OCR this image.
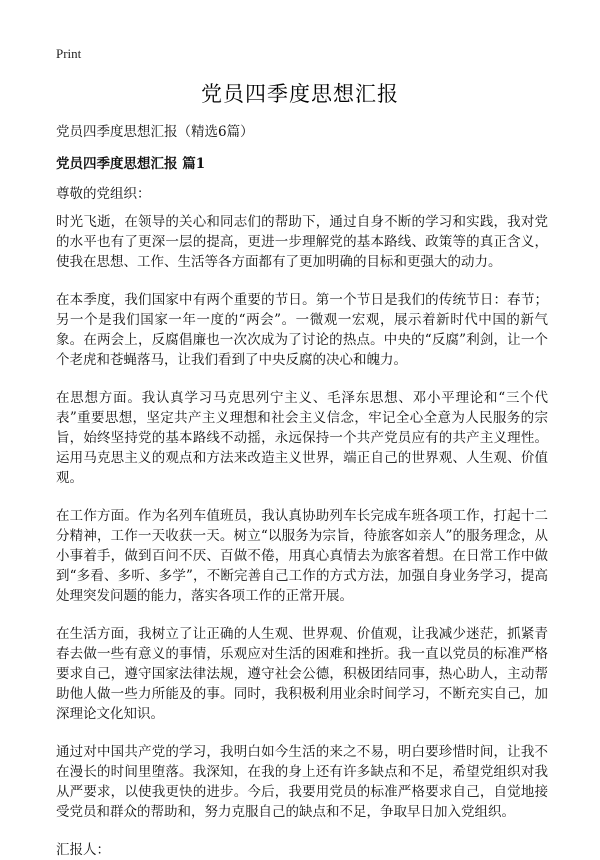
Print
党员四季度思想汇报

党员四季度思想汇报（精选6篇）

党员四季度思想汇报 篇1

尊敬的党组织：

时光飞逝，在领导的关心和同志们的帮助下，通过自身不断的学习和实践，我对党的水平也有了更深一层的提高，更进一步理解党的基本路线、政策等的真正含义，使我在思想、工作、生活等各方面都有了更加明确的目标和更强大的动力。

在本季度，我们国家中有两个重要的节日。第一个节日是我们的传统节日：春节；另一个是我们国家一年一度的“两会”。一微观一宏观，展示着新时代中国的新气象。在两会上，反腐倡廉也一次次成为了讨论的热点。中央的“反腐”利剑，让一个个老虎和苍蝇落马，让我们看到了中央反腐的决心和魄力。

在思想方面。我认真学习马克思列宁主义、毛泽东思想、邓小平理论和“三个代表”重要思想，坚定共产主义理想和社会主义信念，牢记全心全意为人民服务的宗旨，始终坚持党的基本路线不动摇，永远保持一个共产党员应有的共产主义理性。运用马克思主义的观点和方法来改造主义世界，端正自己的世界观、人生观、价值观。

在工作方面。作为名列车值班员，我认真协助列车长完成车班各项工作，打起十二分精神，工作一天收获一天。树立“以服务为宗旨，待旅客如亲人”的服务理念，从小事着手，做到百问不厌、百做不倦，用真心真情去为旅客着想。在日常工作中做到“多看、多听、多学”，不断完善自己工作的方式方法，加强自身业务学习，提高处理突发问题的能力，落实各项工作的正常开展。

在生活方面，我树立了让正确的人生观、世界观、价值观，让我减少迷茫，抓紧青春去做一些有意义的事情，乐观应对生活的困难和挫折。我一直以党员的标准严格要求自己，遵守国家法律法规，遵守社会公德，积极团结同事，热心助人，主动帮助他人做一些力所能及的事。同时，我积极利用业余时间学习，不断充实自己，加深理论文化知识。

通过对中国共产党的学习，我明白如今生活的来之不易，明白要珍惜时间，让我不在漫长的时间里堕落。我深知，在我的身上还有许多缺点和不足，希望党组织对我从严要求，以使我更快的进步。今后，我要用党员的标准严格要求自己，自觉地接受党员和群众的帮助和，努力克服自己的缺点和不足，争取早日加入党组织。

汇报人：
